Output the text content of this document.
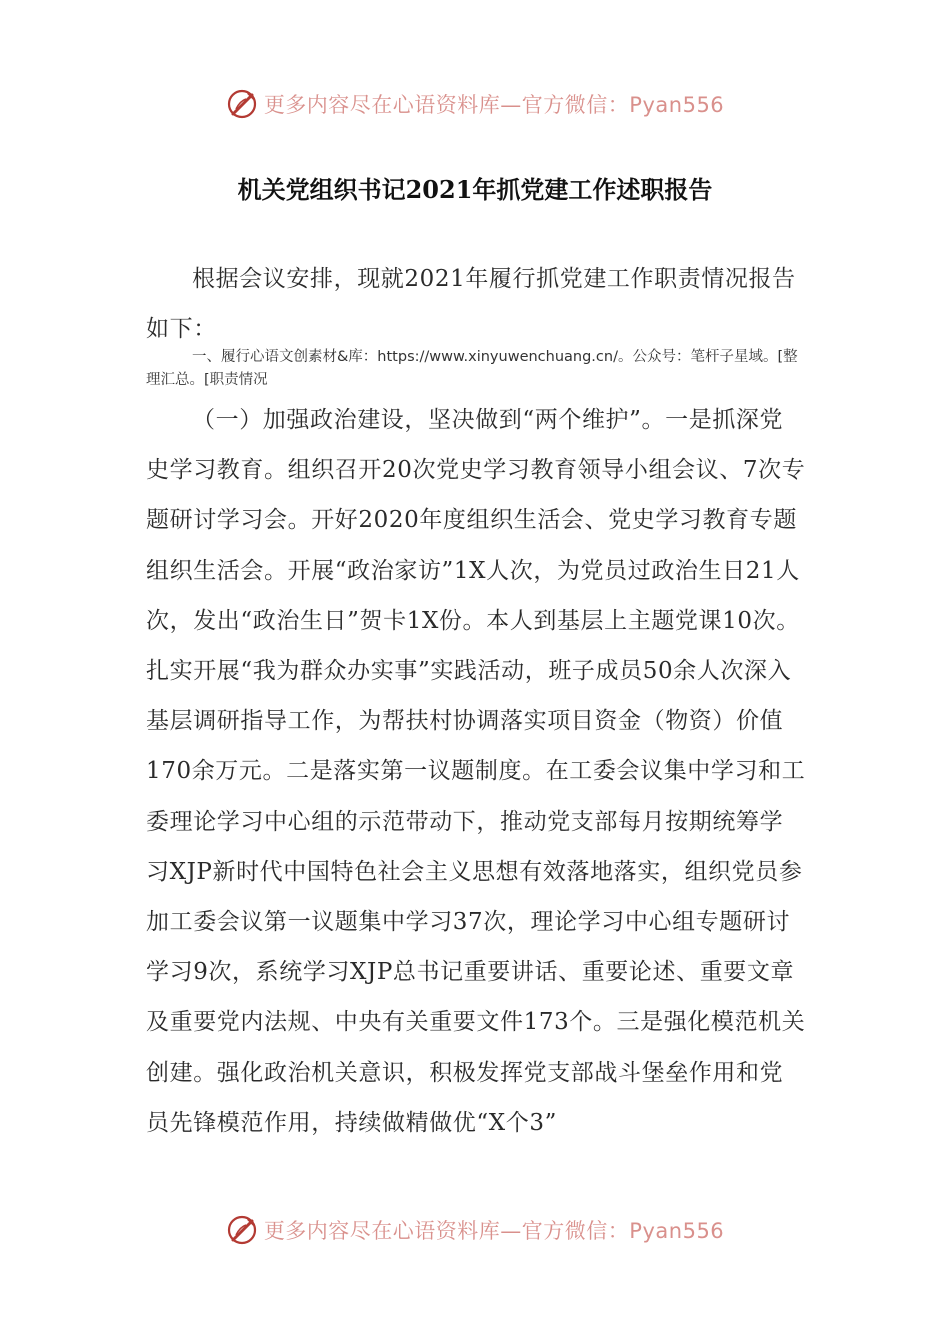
更多内容尽在心语资料库—官方微信：Pyan556
机关党组织书记2021年抓党建工作述职报告
根据会议安排，现就2021年履行抓党建工作职责情况报告如下：
一、履行心语文创素材&库：https://www.xinyuwenchuang.cn/。公众号：笔杆子星域。[整理汇总。[职责情况
（一）加强政治建设，坚决做到“两个维护”。一是抓深党史学习教育。组织召开20次党史学习教育领导小组会议、7次专题研讨学习会。开好2020年度组织生活会、党史学习教育专题组织生活会。开展“政治家访”1X人次，为党员过政治生日21人次，发出“政治生日”贺卡1X份。本人到基层上主题党课10次。扎实开展“我为群众办实事”实践活动，班子成员50余人次深入基层调研指导工作，为帮扶村协调落实项目资金（物资）价值170余万元。二是落实第一议题制度。在工委会议集中学习和工委理论学习中心组的示范带动下，推动党支部每月按期统筹学习XJP新时代中国特色社会主义思想有效落地落实，组织党员参加工委会议第一议题集中学习37次，理论学习中心组专题研讨学习9次，系统学习XJP总书记重要讲话、重要论述、重要文章及重要党内法规、中央有关重要文件173个。三是强化模范机关创建。强化政治机关意识，积极发挥党支部战斗堡垒作用和党员先锋模范作用，持续做精做优“X个3”
更多内容尽在心语资料库—官方微信：Pyan556
